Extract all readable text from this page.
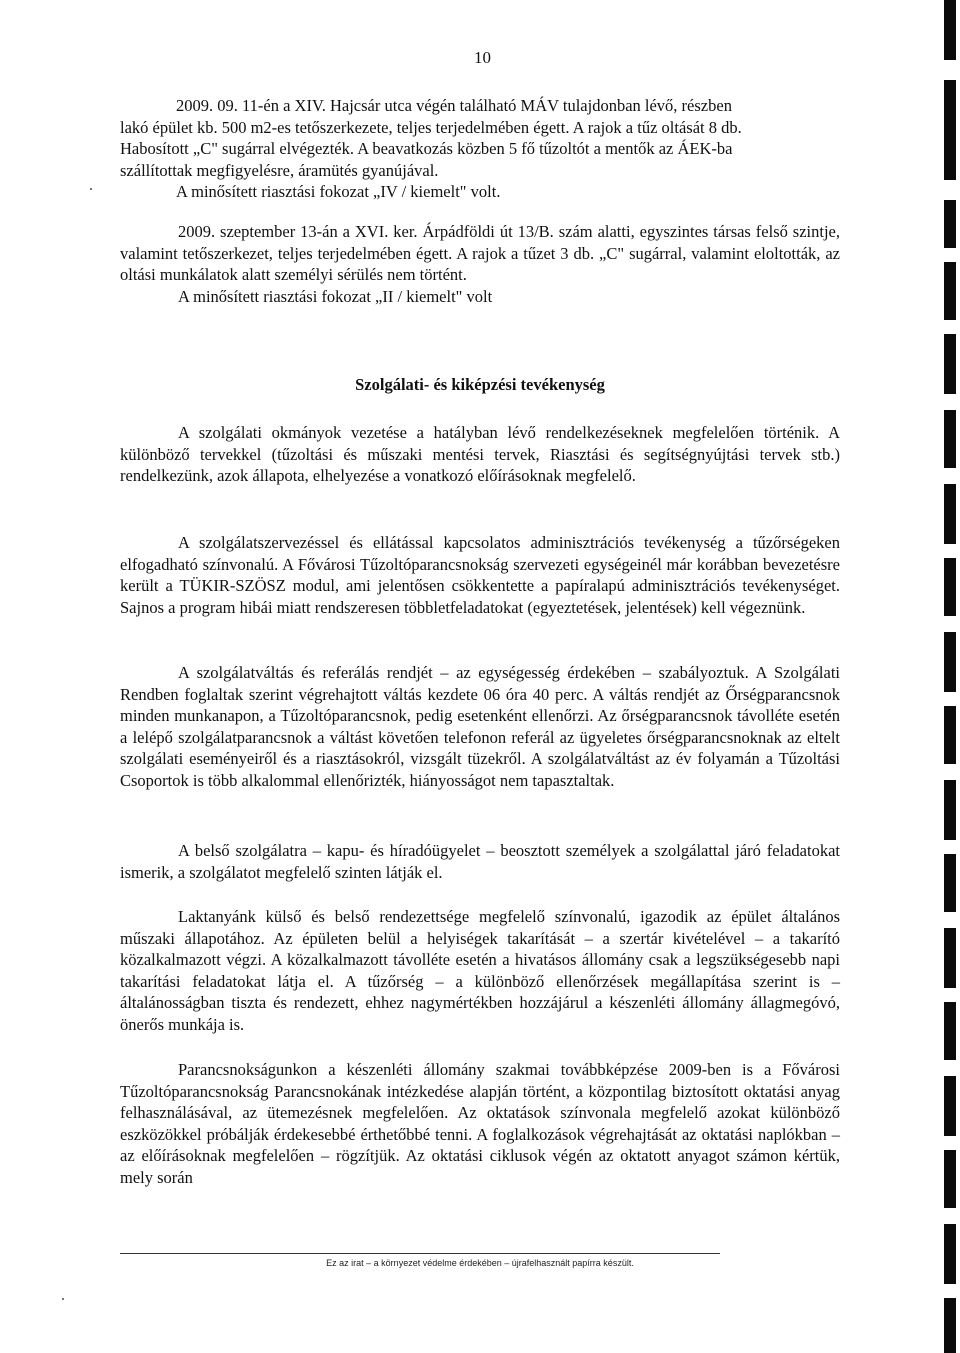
10
2009. 09. 11-én a XIV. Hajcsár utca végén található MÁV tulajdonban lévő, részben
lakó épület kb. 500 m2-es tetőszerkezete, teljes terjedelmében égett. A rajok a tűz oltását 8 db.
Habosított „C" sugárral elvégezték. A beavatkozás közben 5 fő tűzoltót a mentők az ÁEK-ba
szállítottak megfigyelésre, áramütés gyanújával.
A minősített riasztási fokozat „IV / kiemelt" volt.

2009. szeptember 13-án a XVI. ker. Árpádföldi út 13/B. szám alatti, egyszintes társas felső szintje, valamint tetőszerkezet, teljes terjedelmében égett. A rajok a tűzet 3 db. „C" sugárral, valamint eloltották, az oltási munkálatok alatt személyi sérülés nem történt.

A minősített riasztási fokozat „II / kiemelt" volt
Szolgálati- és kiképzési tevékenység

A szolgálati okmányok vezetése a hatályban lévő rendelkezéseknek megfelelően történik. A különböző tervekkel (tűzoltási és műszaki mentési tervek, Riasztási és segítségnyújtási tervek stb.) rendelkezünk, azok állapota, elhelyezése a vonatkozó előírásoknak megfelelő.

A szolgálatszervezéssel és ellátással kapcsolatos adminisztrációs tevékenység a tűzőrségeken elfogadható színvonalú. A Fővárosi Tűzoltóparancsnokság szervezeti egységeinél már korábban bevezetésre került a TÜKIR-SZÖSZ modul, ami jelentősen csökkentette a papíralapú adminisztrációs tevékenységet. Sajnos a program hibái miatt rendszeresen többletfeladatokat (egyeztetések, jelentések) kell végeznünk.

A szolgálatváltás és referálás rendjét – az egységesség érdekében – szabályoztuk. A Szolgálati Rendben foglaltak szerint végrehajtott váltás kezdete 06 óra 40 perc. A váltás rendjét az Őrségparancsnok minden munkanapon, a Tűzoltóparancsnok, pedig esetenként ellenőrzi. Az őrségparancsnok távolléte esetén a lelépő szolgálatparancsnok a váltást követően telefonon referál az ügyeletes őrségparancsnoknak az eltelt szolgálati eseményeiről és a riasztásokról, vizsgált tüzekről. A szolgálatváltást az év folyamán a Tűzoltási Csoportok is több alkalommal ellenőrizték, hiányosságot nem tapasztaltak.

A belső szolgálatra – kapu- és híradóügyelet – beosztott személyek a szolgálattal járó feladatokat ismerik, a szolgálatot megfelelő szinten látják el.

Laktanyánk külső és belső rendezettsége megfelelő színvonalú, igazodik az épület általános műszaki állapotához. Az épületen belül a helyiségek takarítását – a szertár kivételével – a takarító közalkalmazott végzi. A közalkalmazott távolléte esetén a hivatásos állomány csak a legszükségesebb napi takarítási feladatokat látja el. A tűzőrség – a különböző ellenőrzések megállapítása szerint is – általánosságban tiszta és rendezett, ehhez nagymértékben hozzájárul a készenléti állomány állagmegóvó, önerős munkája is.

Parancsnokságunkon a készenléti állomány szakmai továbbképzése 2009-ben is a Fővárosi Tűzoltóparancsnokság Parancsnokának intézkedése alapján történt, a központilag biztosított oktatási anyag felhasználásával, az ütemezésnek megfelelően. Az oktatások színvonala megfelelő azokat különböző eszközökkel próbálják érdekesebbé érthetőbbé tenni. A foglalkozások végrehajtását az oktatási naplókban – az előírásoknak megfelelően – rögzítjük. Az oktatási ciklusok végén az oktatott anyagot számon kértük, mely során

Ez az irat – a környezet védelme érdekében – újrafelhasznált papírra készült.
